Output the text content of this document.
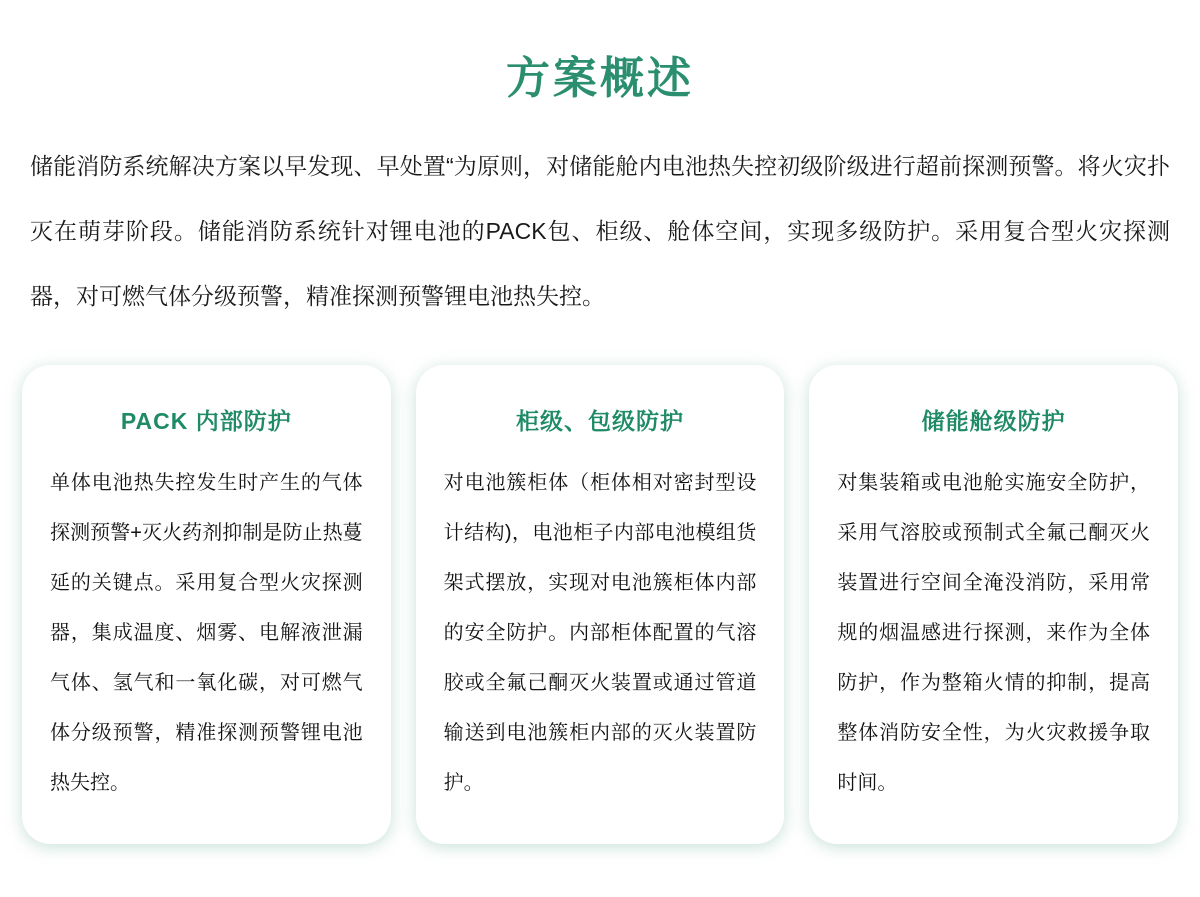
方案概述

储能消防系统解决方案以早发现、早处置“为原则，对储能舱内电池热失控初级阶级进行超前探测预警。将火灾扑灭在萌芽阶段。储能消防系统针对锂电池的PACK包、柜级、舱体空间，实现多级防护。采用复合型火灾探测器，对可燃气体分级预警，精准探测预警锂电池热失控。

PACK 内部防护
单体电池热失控发生时产生的气体探测预警+灭火药剂抑制是防止热蔓延的关键点。采用复合型火灾探测器，集成温度、烟雾、电解液泄漏气体、氢气和一氧化碳，对可燃气体分级预警，精准探测预警锂电池热失控。
柜级、包级防护
对电池簇柜体（柜体相对密封型设计结构)，电池柜子内部电池模组货架式摆放，实现对电池簇柜体内部的安全防护。内部柜体配置的气溶胶或全氟己酮灭火装置或通过管道输送到电池簇柜内部的灭火装置防护。
储能舱级防护
对集装箱或电池舱实施安全防护，采用气溶胶或预制式全氟己酮灭火装置进行空间全淹没消防，采用常规的烟温感进行探测，来作为全体防护，作为整箱火情的抑制，提高整体消防安全性，为火灾救援争取时间。
